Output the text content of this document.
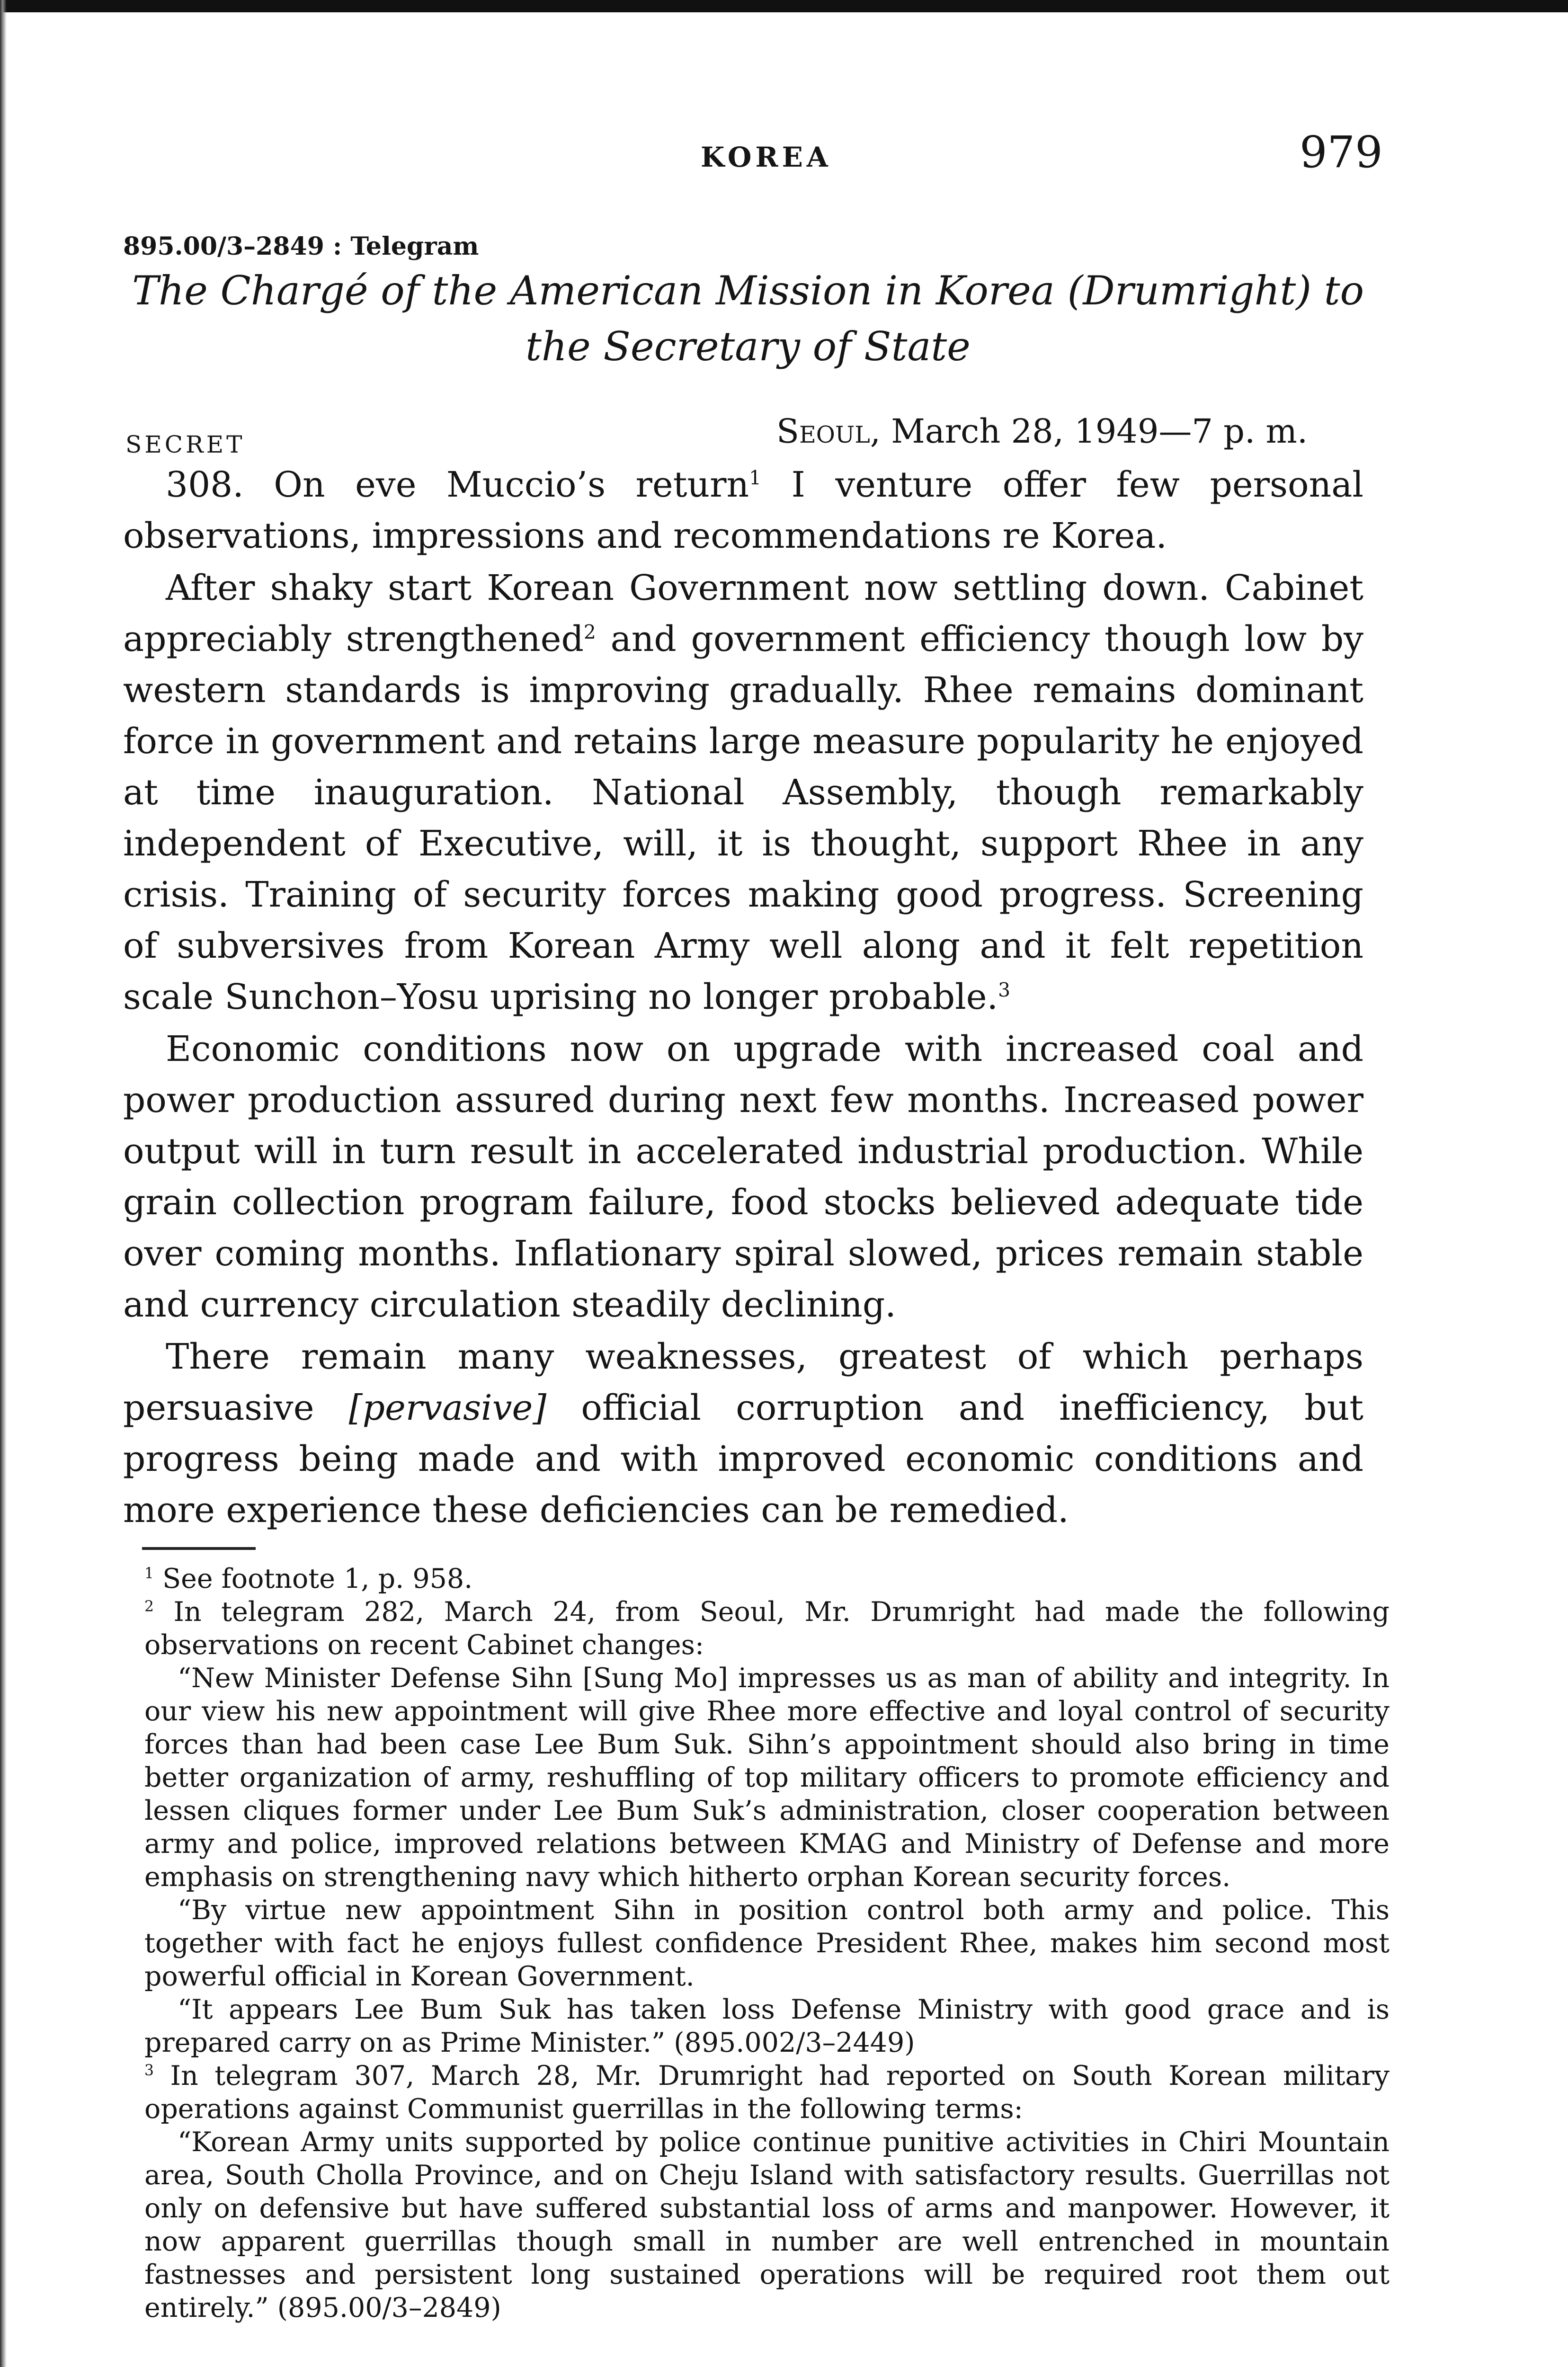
KOREA	979
895.00/3–2849 : Telegram
The Chargé of the American Mission in Korea (Drumright) to the Secretary of State
SECRET	Seoul, March 28, 1949—7 p. m.

308. On eve Muccio’s return$^1$ I venture offer few personal observations, impressions and recommendations re Korea.

After shaky start Korean Government now settling down. Cabinet appreciably strengthened$^2$ and government efficiency though low by western standards is improving gradually. Rhee remains dominant force in government and retains large measure popularity he enjoyed at time inauguration. National Assembly, though remarkably independent of Executive, will, it is thought, support Rhee in any crisis. Training of security forces making good progress. Screening of subversives from Korean Army well along and it felt repetition scale Sunchon–Yosu uprising no longer probable.$^3$

Economic conditions now on upgrade with increased coal and power production assured during next few months. Increased power output will in turn result in accelerated industrial production. While grain collection program failure, food stocks believed adequate tide over coming months. Inflationary spiral slowed, prices remain stable and currency circulation steadily declining.

There remain many weaknesses, greatest of which perhaps persuasive [pervasive] official corruption and inefficiency, but progress being made and with improved economic conditions and more experience these deficiencies can be remedied.

$^1$ See footnote 1, p. 958.

$^2$ In telegram 282, March 24, from Seoul, Mr. Drumright had made the following observations on recent Cabinet changes:

“New Minister Defense Sihn [Sung Mo] impresses us as man of ability and integrity. In our view his new appointment will give Rhee more effective and loyal control of security forces than had been case Lee Bum Suk. Sihn’s appointment should also bring in time better organization of army, reshuffling of top military officers to promote efficiency and lessen cliques former under Lee Bum Suk’s administration, closer cooperation between army and police, improved relations between KMAG and Ministry of Defense and more emphasis on strengthening navy which hitherto orphan Korean security forces.

“By virtue new appointment Sihn in position control both army and police. This together with fact he enjoys fullest confidence President Rhee, makes him second most powerful official in Korean Government.

“It appears Lee Bum Suk has taken loss Defense Ministry with good grace and is prepared carry on as Prime Minister.” (895.002/3–2449)

$^3$ In telegram 307, March 28, Mr. Drumright had reported on South Korean military operations against Communist guerrillas in the following terms:

“Korean Army units supported by police continue punitive activities in Chiri Mountain area, South Cholla Province, and on Cheju Island with satisfactory results. Guerrillas not only on defensive but have suffered substantial loss of arms and manpower. However, it now apparent guerrillas though small in number are well entrenched in mountain fastnesses and persistent long sustained operations will be required root them out entirely.” (895.00/3–2849)
